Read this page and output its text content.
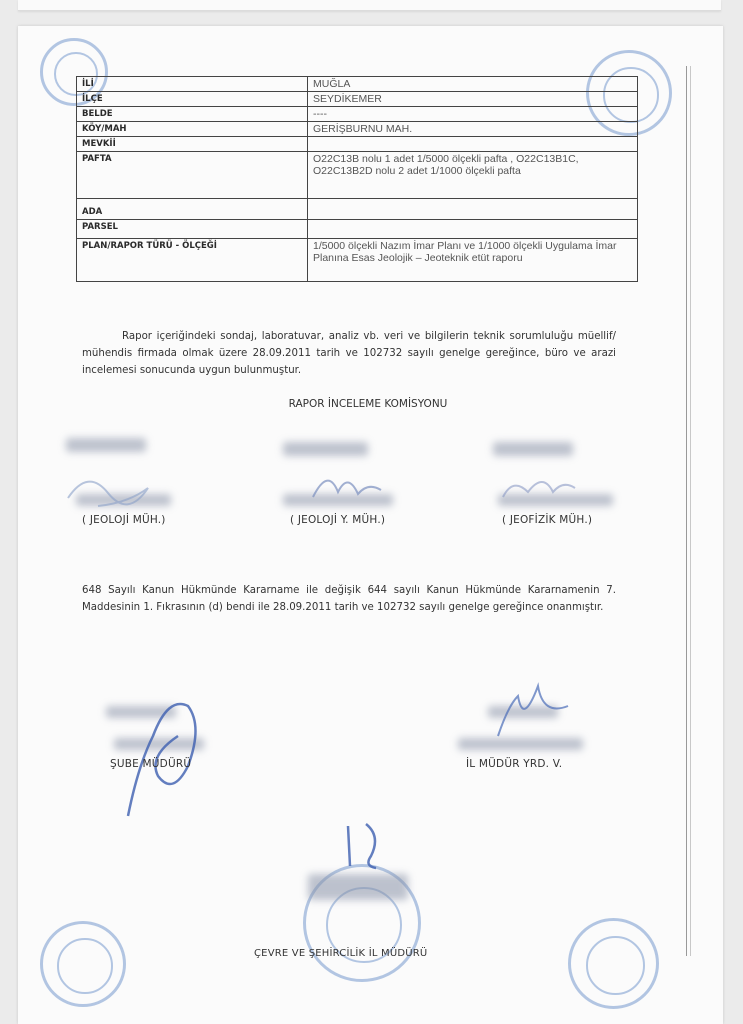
İLİ	MUĞLA
İLÇE	SEYDİKEMER
BELDE	----
KÖY/MAH	GERİŞBURNU MAH.
MEVKİİ	
PAFTA	O22C13B nolu 1 adet 1/5000 ölçekli pafta , O22C13B1C, O22C13B2D nolu 2 adet 1/1000 ölçekli pafta
ADA	
PARSEL	
PLAN/RAPOR TÜRÜ - ÖLÇEĞİ	1/5000 ölçekli Nazım İmar Planı ve 1/1000 ölçekli Uygulama İmar Planına Esas Jeolojik – Jeoteknik etüt raporu
Rapor içeriğindeki sondaj, laboratuvar, analiz vb. veri ve bilgilerin teknik sorumluluğu müellif/ mühendis firmada olmak üzere 28.09.2011 tarih ve 102732 sayılı genelge gereğince, büro ve arazi incelemesi sonucunda uygun bulunmuştur.
RAPOR İNCELEME KOMİSYONU
( JEOLOJİ MÜH.)	( JEOLOJİ Y. MÜH.)	( JEOFİZİK MÜH.)
648 Sayılı Kanun Hükmünde Kararname ile değişik 644 sayılı Kanun Hükmünde Kararnamenin 7. Maddesinin 1. Fıkrasının (d) bendi ile 28.09.2011 tarih ve 102732 sayılı genelge gereğince onanmıştır.
ŞUBE MÜDÜRÜ	İL MÜDÜR YRD. V.
ÇEVRE VE ŞEHİRCİLİK İL MÜDÜRÜ
